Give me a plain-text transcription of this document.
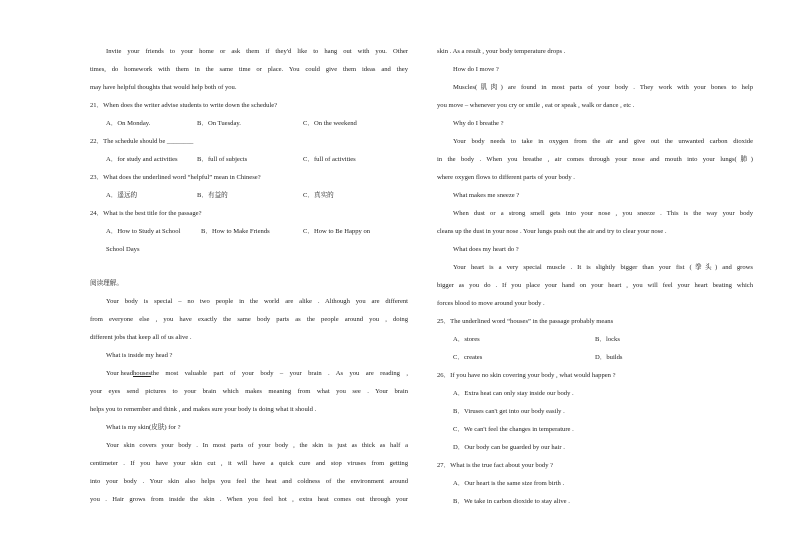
Invite your friends to your home or ask them if they'd like to hang out with you. Other
times, do homework with them in the same time or place. You could give them ideas and they
may have helpful thoughts that would help both of you.
21．When does the writer advise students to write down the schedule?
A．On Monday.	B．On Tuesday.	C．On the weekend
22．The schedule should be ________
A．for study and activities	B．full of subjects	C．full of activities
23．What does the underlined word “helpful” mean in Chinese?
A．遥远的	B．有益的	C．真实的
24．What is the best title for the passage?
A．How to Study at School	B．How to Make Friends	C．How to Be Happy on
School Days
阅读理解。
Your body is special – no two people in the world are alike . Although you are different
from everyone else , you have exactly the same body parts as the people around you , doing
different jobs that keep all of us alive .
What is inside my head ?
Your head houses the most valuable part of your body – your brain . As you are reading ,
your eyes send pictures to your brain which makes meaning from what you see . Your brain
helps you to remember and think , and makes sure your body is doing what it should .
What is my skin(皮肤) for ?
Your skin covers your body . In most parts of your body , the skin is just as thick as half a
centimeter . If you have your skin cut , it will have a quick cure and stop viruses from getting
into your body . Your skin also helps you feel the heat and coldness of the environment around
you . Hair grows from inside the skin . When you feel hot , extra heat comes out through your
skin . As a result , your body temperature drops .
How do I move ?
Muscles(肌肉) are found in most parts of your body . They work with your bones to help
you move – whenever you cry or smile , eat or speak , walk or dance , etc .
Why do I breathe ?
Your body needs to take in oxygen from the air and give out the unwanted carbon dioxide
in the body . When you breathe , air comes through your nose and mouth into your lungs(肺)
where oxygen flows to different parts of your body .
What makes me sneeze ?
When dust or a strong smell gets into your nose , you sneeze . This is the way your body
cleans up the dust in your nose . Your lungs push out the air and try to clear your nose .
What does my heart do ?
Your heart is a very special muscle . It is slightly bigger than your fist (拳头) and grows
bigger as you do . If you place your hand on your heart , you will feel your heart beating which
forces blood to move around your body .
25．The underlined word “houses” in the passage probably means
A．stores	B．locks
C．creates	D．builds
26．If you have no skin covering your body , what would happen ?
A．Extra heat can only stay inside our body .
B．Viruses can't get into our body easily .
C．We can't feel the changes in temperature .
D．Our body can be guarded by our hair .
27．What is the true fact about your body ?
A．Our heart is the same size from birth .
B．We take in carbon dioxide to stay alive .
